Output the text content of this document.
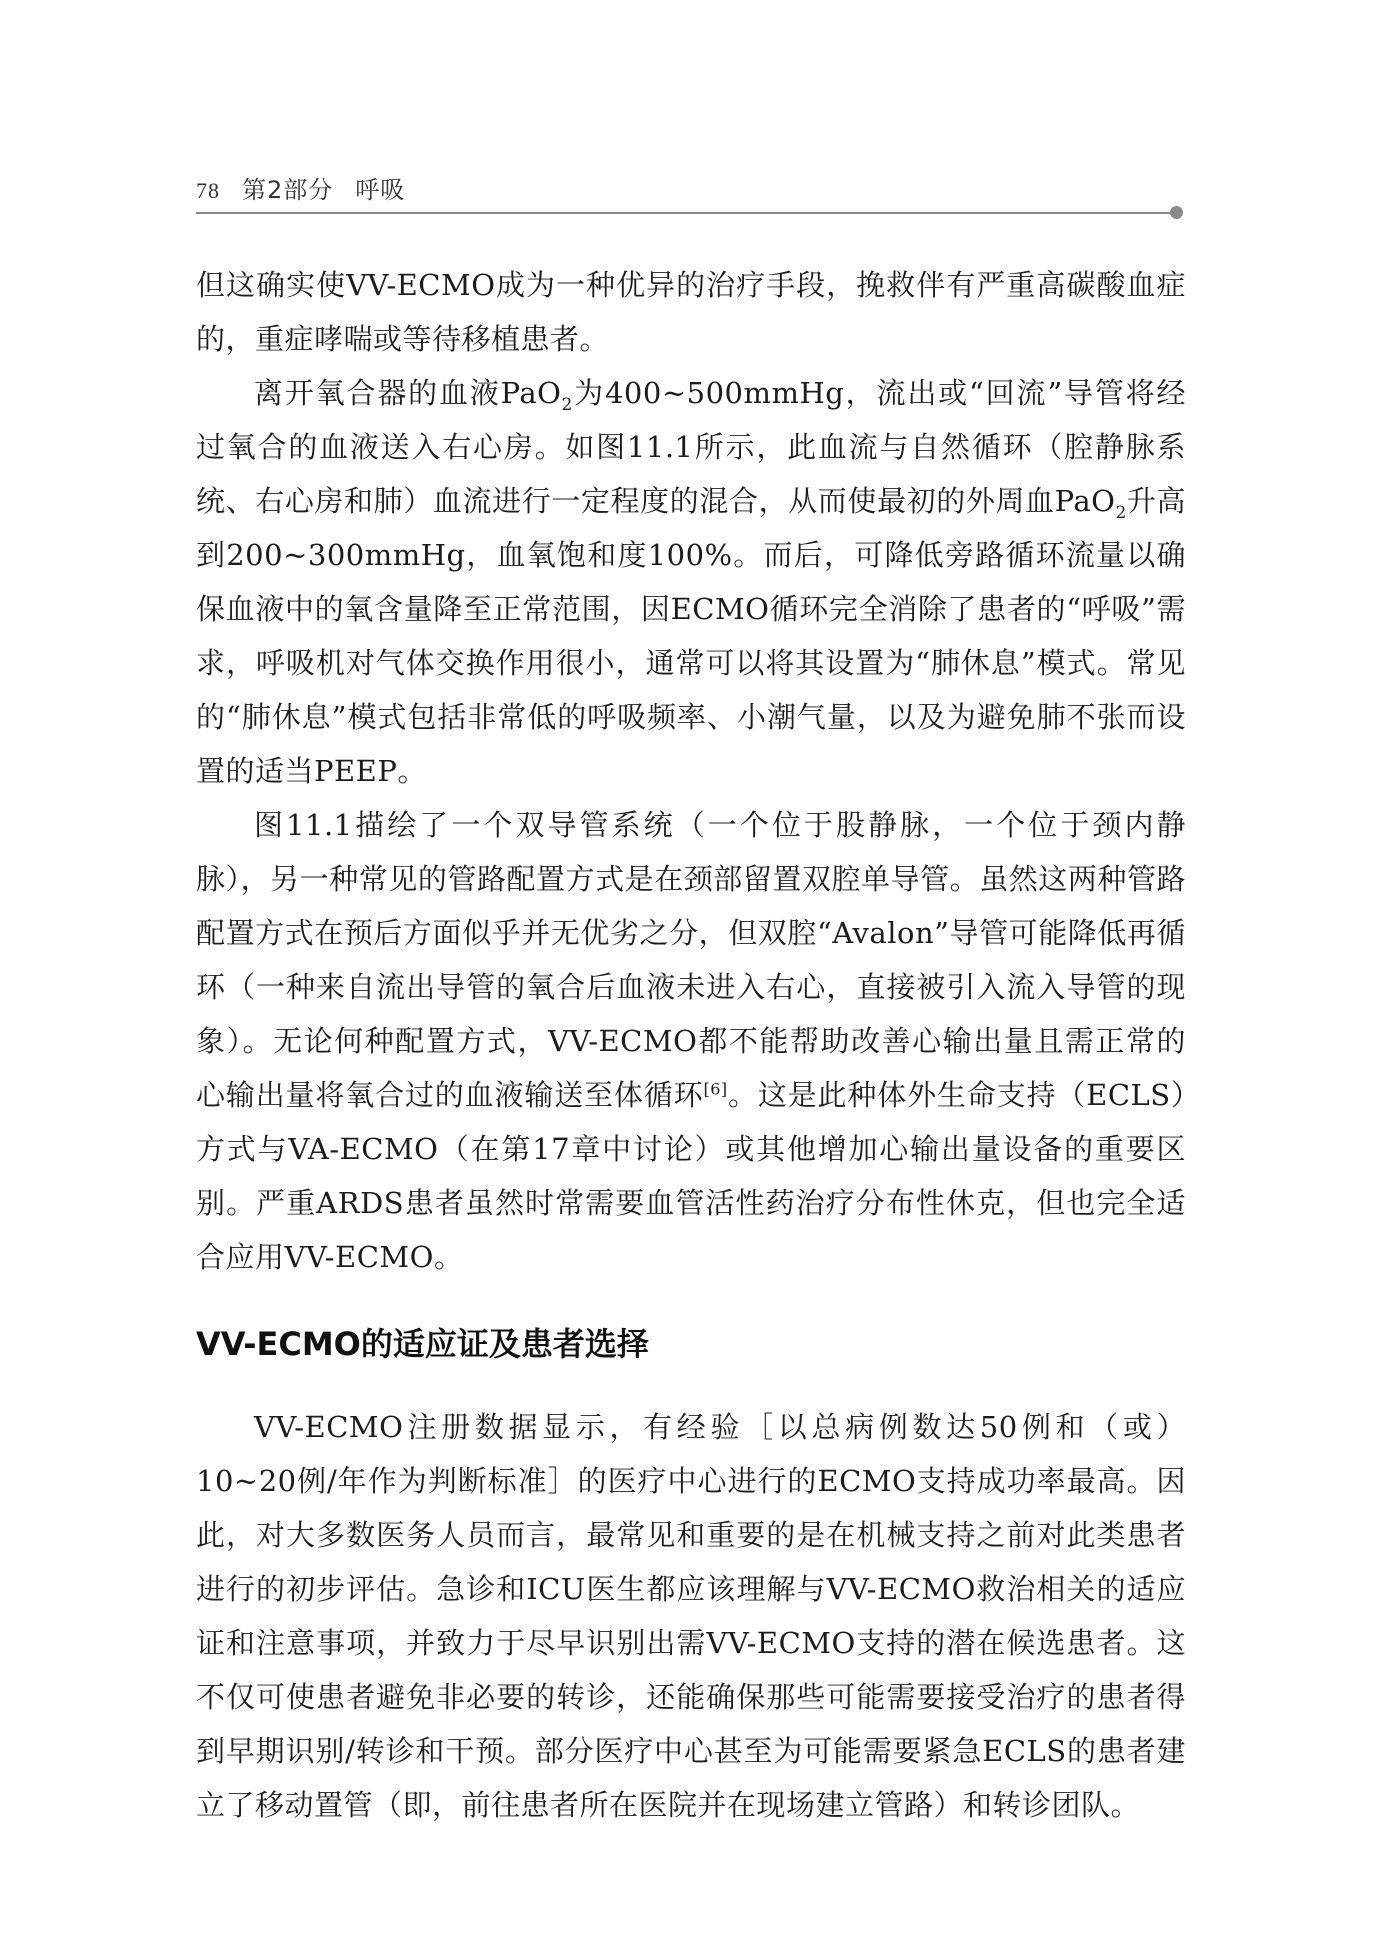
78 第2部分 呼吸

但这确实使VV-ECMO成为一种优异的治疗手段，挽救伴有严重高碳酸血症的，重症哮喘或等待移植患者。

离开氧合器的血液PaO$_2$为400~500mmHg，流出或“回流”导管将经过氧合的血液送入右心房。如图11.1所示，此血流与自然循环（腔静脉系统、右心房和肺）血流进行一定程度的混合，从而使最初的外周血PaO$_2$升高到200~300mmHg，血氧饱和度100%。而后，可降低旁路循环流量以确保血液中的氧含量降至正常范围，因ECMO循环完全消除了患者的“呼吸”需求，呼吸机对气体交换作用很小，通常可以将其设置为“肺休息”模式。常见的“肺休息”模式包括非常低的呼吸频率、小潮气量，以及为避免肺不张而设置的适当PEEP。

图11.1描绘了一个双导管系统（一个位于股静脉，一个位于颈内静脉），另一种常见的管路配置方式是在颈部留置双腔单导管。虽然这两种管路配置方式在预后方面似乎并无优劣之分，但双腔“Avalon”导管可能降低再循环（一种来自流出导管的氧合后血液未进入右心，直接被引入流入导管的现象）。无论何种配置方式，VV-ECMO都不能帮助改善心输出量且需正常的心输出量将氧合过的血液输送至体循环[6]。这是此种体外生命支持（ECLS）方式与VA-ECMO（在第17章中讨论）或其他增加心输出量设备的重要区别。严重ARDS患者虽然时常需要血管活性药治疗分布性休克，但也完全适合应用VV-ECMO。

VV-ECMO的适应证及患者选择

VV-ECMO注册数据显示，有经验［以总病例数达50例和（或）10~20例/年作为判断标准］的医疗中心进行的ECMO支持成功率最高。因此，对大多数医务人员而言，最常见和重要的是在机械支持之前对此类患者进行的初步评估。急诊和ICU医生都应该理解与VV-ECMO救治相关的适应证和注意事项，并致力于尽早识别出需VV-ECMO支持的潜在候选患者。这不仅可使患者避免非必要的转诊，还能确保那些可能需要接受治疗的患者得到早期识别/转诊和干预。部分医疗中心甚至为可能需要紧急ECLS的患者建立了移动置管（即，前往患者所在医院并在现场建立管路）和转诊团队。
